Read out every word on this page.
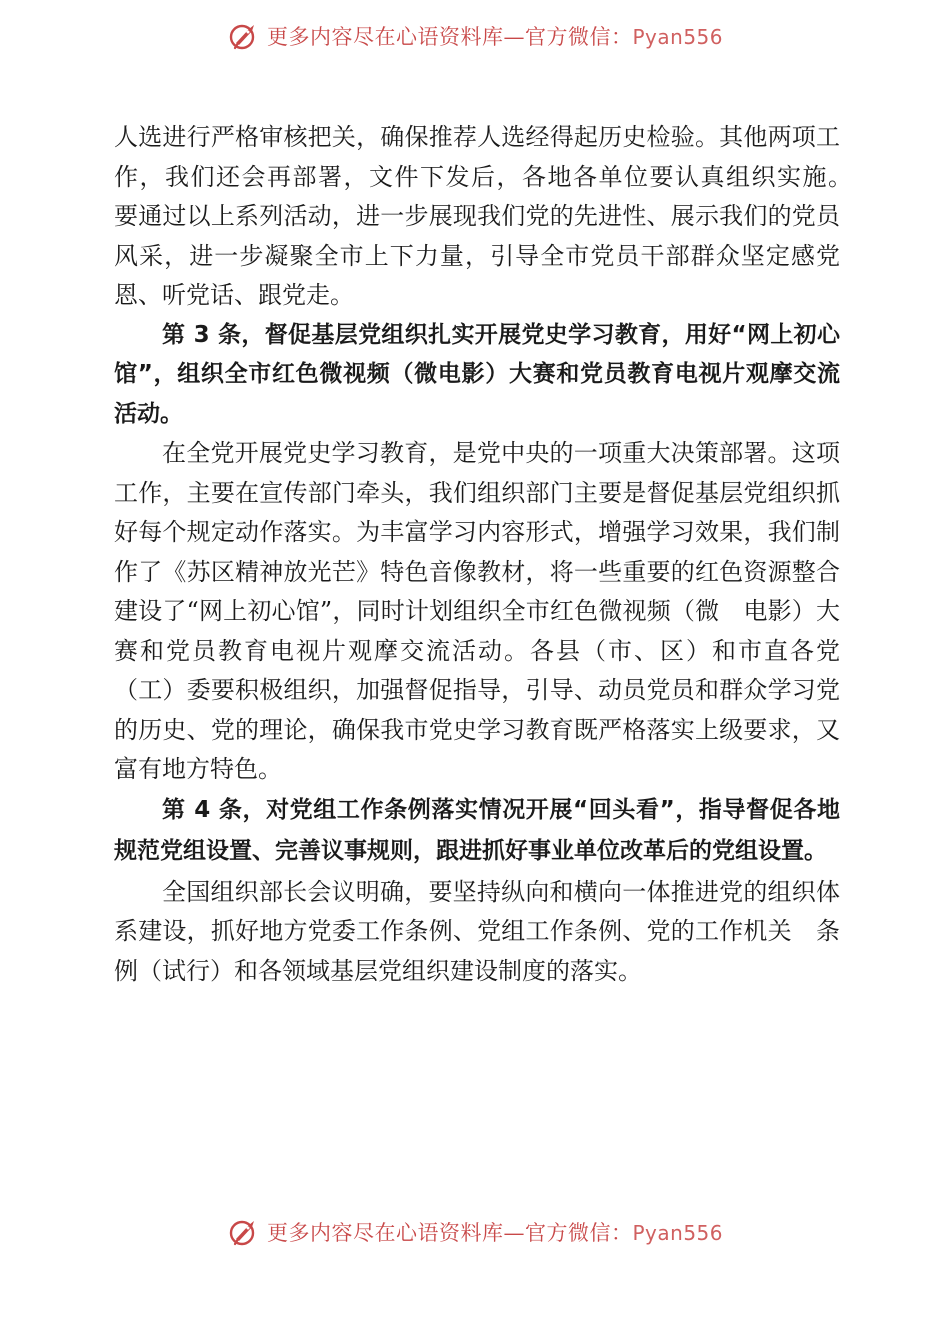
更多内容尽在心语资料库—官方微信：Pyan556

人选进行严格审核把关，确保推荐人选经得起历史检验。其他两项工作，我们还会再部署，文件下发后，各地各单位要认真组织实施。　要通过以上系列活动，进一步展现我们党的先进性、展示我们的党员风采，进一步凝聚全市上下力量，引导全市党员干部群众坚定感党恩、听党话、跟党走。

第 3 条，督促基层党组织扎实开展党史学习教育，用好“网上初心馆”，组织全市红色微视频（微电影）大赛和党员教育电视片观摩交流活动。

在全党开展党史学习教育，是党中央的一项重大决策部署。这项工作，主要在宣传部门牵头，我们组织部门主要是督促基层党组织抓好每个规定动作落实。为丰富学习内容形式，增强学习效果，我们制作了《苏区精神放光芒》特色音像教材，将一些重要的红色资源整合建设了“网上初心馆”，同时计划组织全市红色微视频（微　电影）大赛和党员教育电视片观摩交流活动。各县（市、区）和市直各党（工）委要积极组织，加强督促指导，引导、动员党员和群众学习党的历史、党的理论，确保我市党史学习教育既严格落实上级要求，又富有地方特色。

第 4 条，对党组工作条例落实情况开展“回头看”，指导督促各地规范党组设置、完善议事规则，跟进抓好事业单位改革后的党组设置。

全国组织部长会议明确，要坚持纵向和横向一体推进党的组织体系建设，抓好地方党委工作条例、党组工作条例、党的工作机关　条例（试行）和各领域基层党组织建设制度的落实。

更多内容尽在心语资料库—官方微信：Pyan556
